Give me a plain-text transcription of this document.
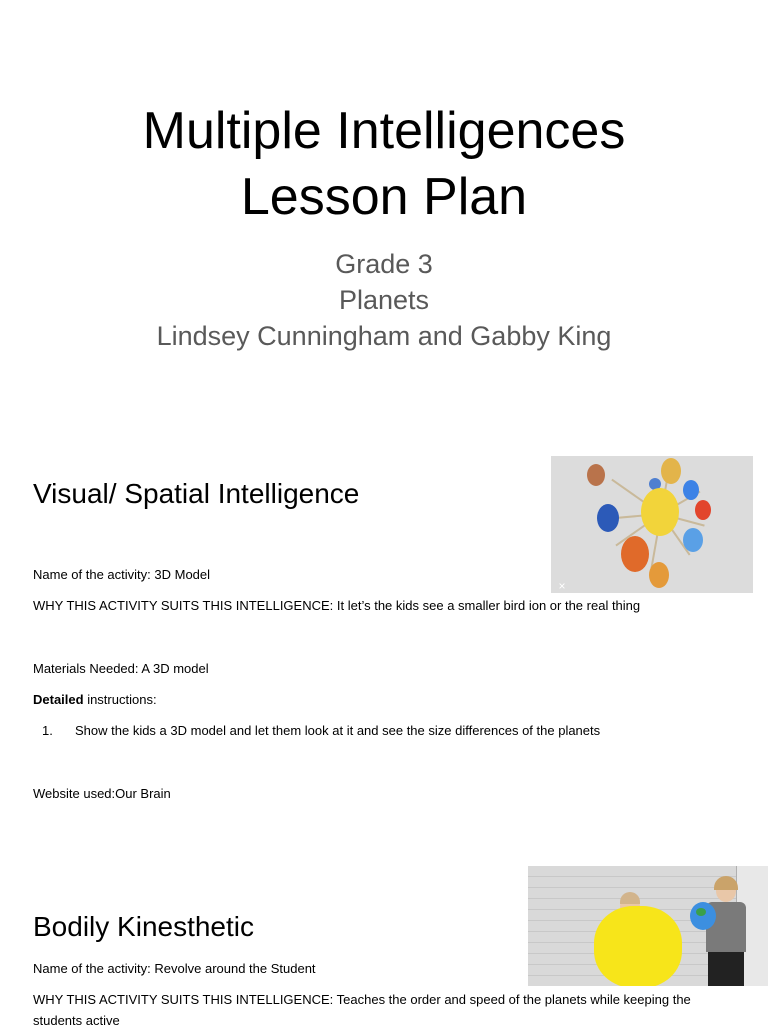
Multiple Intelligences
Lesson Plan
Grade 3
Planets
Lindsey Cunningham and Gabby King
Visual/ Spatial Intelligence
×
Name of the activity: 3D Model
WHY THIS ACTIVITY SUITS THIS INTELLIGENCE: It let’s the kids see a smaller bird ion or the real thing
Materials Needed: A 3D model
Detailed instructions:
1. Show the kids a 3D model and let them look at it and see the size differences of the planets
Website used:Our Brain
Bodily Kinesthetic
Name of the activity: Revolve around the Student
WHY THIS ACTIVITY SUITS THIS INTELLIGENCE: Teaches the order and speed of the planets while keeping the students active
